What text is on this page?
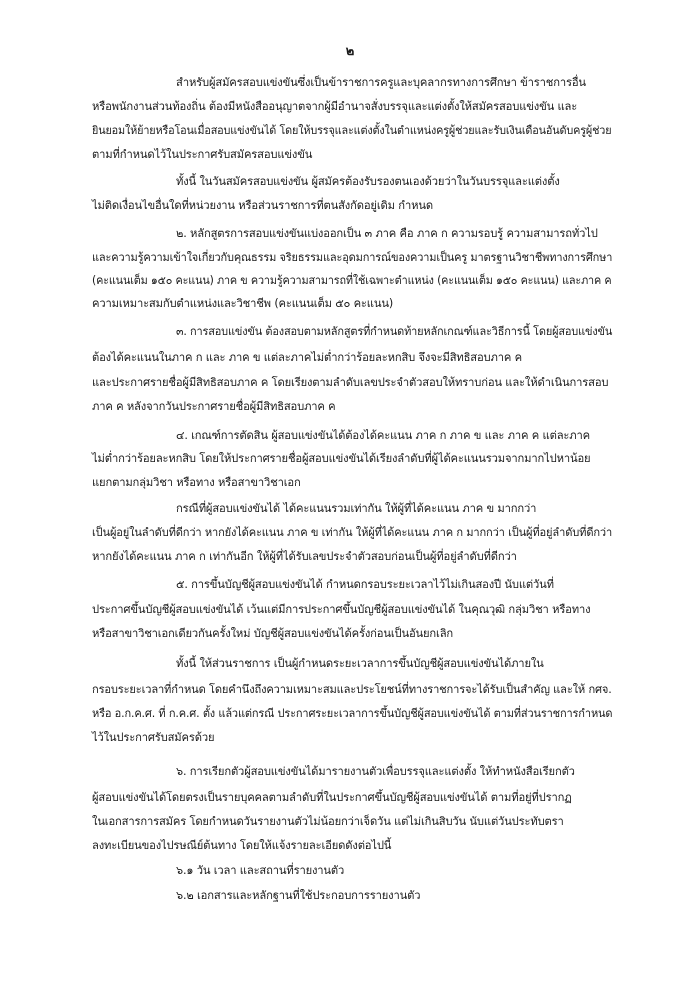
๒
สำหรับผู้สมัครสอบแข่งขันซึ่งเป็นข้าราชการครูและบุคลากรทางการศึกษา ข้าราชการอื่น
หรือพนักงานส่วนท้องถิ่น ต้องมีหนังสืออนุญาตจากผู้มีอำนาจสั่งบรรจุและแต่งตั้งให้สมัครสอบแข่งขัน และ
ยินยอมให้ย้ายหรือโอนเมื่อสอบแข่งขันได้ โดยให้บรรจุและแต่งตั้งในตำแหน่งครูผู้ช่วยและรับเงินเดือนอันดับครูผู้ช่วย
ตามที่กำหนดไว้ในประกาศรับสมัครสอบแข่งขัน
ทั้งนี้ ในวันสมัครสอบแข่งขัน ผู้สมัครต้องรับรองตนเองด้วยว่าในวันบรรจุและแต่งตั้ง
ไม่ติดเงื่อนไขอื่นใดที่หน่วยงาน หรือส่วนราชการที่ตนสังกัดอยู่เดิม กำหนด
๒. หลักสูตรการสอบแข่งขันแบ่งออกเป็น ๓ ภาค คือ ภาค ก ความรอบรู้ ความสามารถทั่วไป
และความรู้ความเข้าใจเกี่ยวกับคุณธรรม จริยธรรมและอุดมการณ์ของความเป็นครู มาตรฐานวิชาชีพทางการศึกษา
(คะแนนเต็ม ๑๕๐ คะแนน) ภาค ข ความรู้ความสามารถที่ใช้เฉพาะตำแหน่ง (คะแนนเต็ม ๑๕๐ คะแนน) และภาค ค
ความเหมาะสมกับตำแหน่งและวิชาชีพ (คะแนนเต็ม ๕๐ คะแนน)
๓. การสอบแข่งขัน ต้องสอบตามหลักสูตรที่กำหนดท้ายหลักเกณฑ์และวิธีการนี้ โดยผู้สอบแข่งขัน
ต้องได้คะแนนในภาค ก และ ภาค ข แต่ละภาคไม่ต่ำกว่าร้อยละหกสิบ จึงจะมีสิทธิสอบภาค ค
และประกาศรายชื่อผู้มีสิทธิสอบภาค ค โดยเรียงตามลำดับเลขประจำตัวสอบให้ทราบก่อน และให้ดำเนินการสอบ
ภาค ค หลังจากวันประกาศรายชื่อผู้มีสิทธิสอบภาค ค
๔. เกณฑ์การตัดสิน ผู้สอบแข่งขันได้ต้องได้คะแนน ภาค ก ภาค ข และ ภาค ค แต่ละภาค
ไม่ต่ำกว่าร้อยละหกสิบ โดยให้ประกาศรายชื่อผู้สอบแข่งขันได้เรียงลำดับที่ผู้ได้คะแนนรวมจากมากไปหาน้อย
แยกตามกลุ่มวิชา หรือทาง หรือสาขาวิชาเอก
กรณีที่ผู้สอบแข่งขันได้ ได้คะแนนรวมเท่ากัน ให้ผู้ที่ได้คะแนน ภาค ข มากกว่า
เป็นผู้อยู่ในลำดับที่ดีกว่า หากยังได้คะแนน ภาค ข เท่ากัน ให้ผู้ที่ได้คะแนน ภาค ก มากกว่า เป็นผู้ที่อยู่ลำดับที่ดีกว่า
หากยังได้คะแนน ภาค ก เท่ากันอีก ให้ผู้ที่ได้รับเลขประจำตัวสอบก่อนเป็นผู้ที่อยู่ลำดับที่ดีกว่า
๕. การขึ้นบัญชีผู้สอบแข่งขันได้ กำหนดกรอบระยะเวลาไว้ไม่เกินสองปี นับแต่วันที่
ประกาศขึ้นบัญชีผู้สอบแข่งขันได้ เว้นแต่มีการประกาศขึ้นบัญชีผู้สอบแข่งขันได้ ในคุณวุฒิ กลุ่มวิชา หรือทาง
หรือสาขาวิชาเอกเดียวกันครั้งใหม่ บัญชีผู้สอบแข่งขันได้ครั้งก่อนเป็นอันยกเลิก
ทั้งนี้ ให้ส่วนราชการ เป็นผู้กำหนดระยะเวลาการขึ้นบัญชีผู้สอบแข่งขันได้ภายใน
กรอบระยะเวลาที่กำหนด โดยคำนึงถึงความเหมาะสมและประโยชน์ที่ทางราชการจะได้รับเป็นสำคัญ และให้ กศจ.
หรือ อ.ก.ค.ศ. ที่ ก.ค.ศ. ตั้ง แล้วแต่กรณี ประกาศระยะเวลาการขึ้นบัญชีผู้สอบแข่งขันได้ ตามที่ส่วนราชการกำหนด
ไว้ในประกาศรับสมัครด้วย
๖. การเรียกตัวผู้สอบแข่งขันได้มารายงานตัวเพื่อบรรจุและแต่งตั้ง ให้ทำหนังสือเรียกตัว
ผู้สอบแข่งขันได้โดยตรงเป็นรายบุคคลตามลำดับที่ในประกาศขึ้นบัญชีผู้สอบแข่งขันได้ ตามที่อยู่ที่ปรากฏ
ในเอกสารการสมัคร โดยกำหนดวันรายงานตัวไม่น้อยกว่าเจ็ดวัน แต่ไม่เกินสิบวัน นับแต่วันประทับตรา
ลงทะเบียนของไปรษณีย์ต้นทาง โดยให้แจ้งรายละเอียดดังต่อไปนี้
๖.๑ วัน เวลา และสถานที่รายงานตัว
๖.๒ เอกสารและหลักฐานที่ใช้ประกอบการรายงานตัว
